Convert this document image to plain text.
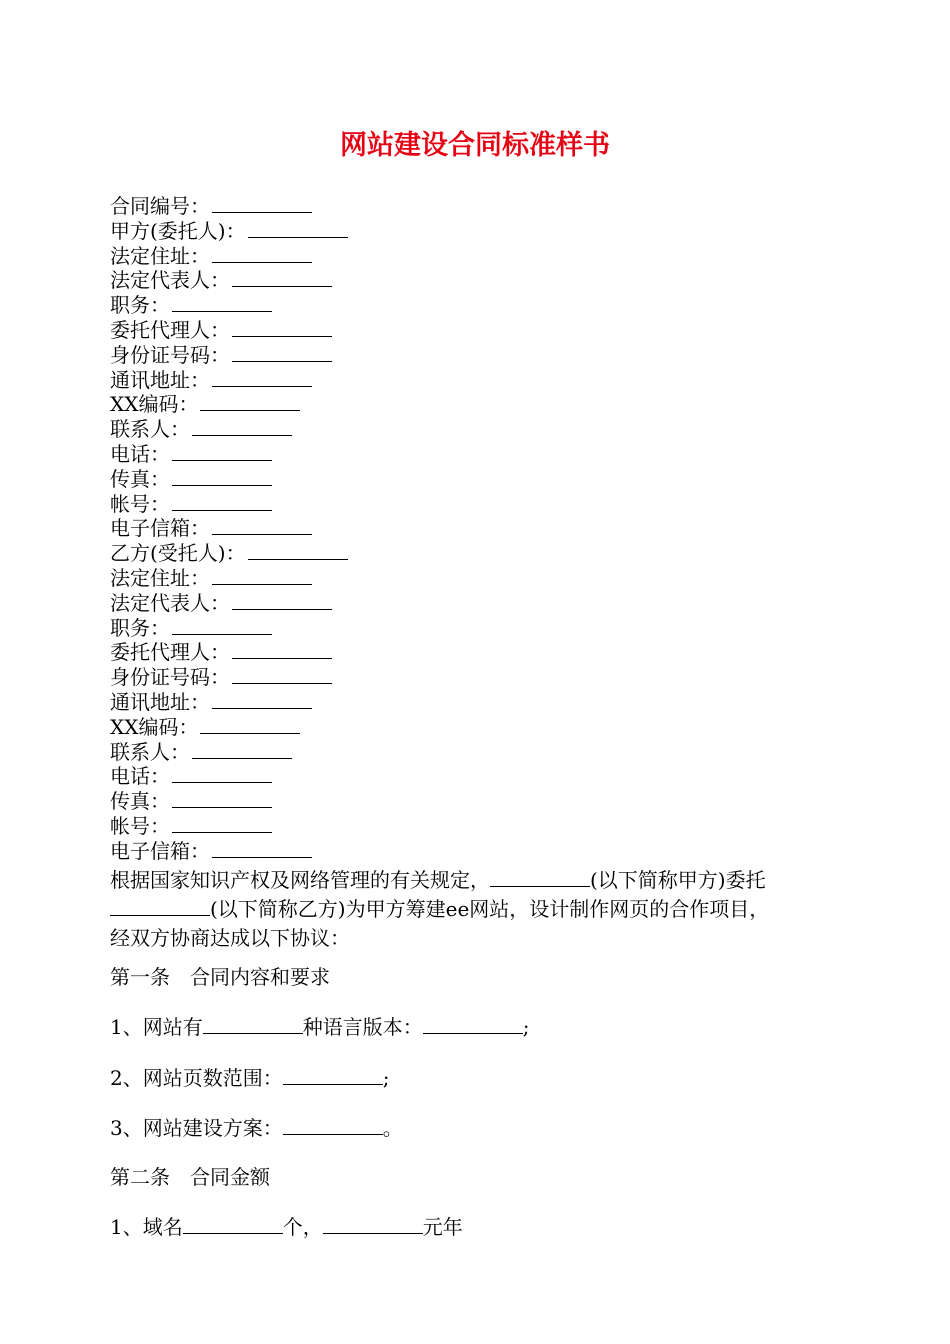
网站建设合同标准样书
合同编号：
甲方(委托人)：
法定住址：
法定代表人：
职务：
委托代理人：
身份证号码：
通讯地址：
XX编码：
联系人：
电话：
传真：
帐号：
电子信箱：
乙方(受托人)：
法定住址：
法定代表人：
职务：
委托代理人：
身份证号码：
通讯地址：
XX编码：
联系人：
电话：
传真：
帐号：
电子信箱：
根据国家知识产权及网络管理的有关规定，	(以下简称甲方)委托
(以下简称乙方)为甲方筹建ee网站，设计制作网页的合作项目，
经双方协商达成以下协议：
第一条　合同内容和要求
1、网站有	种语言版本：	;
2、网站页数范围：	;
3、网站建设方案：	。
第二条　合同金额
1、域名	个，	元年
